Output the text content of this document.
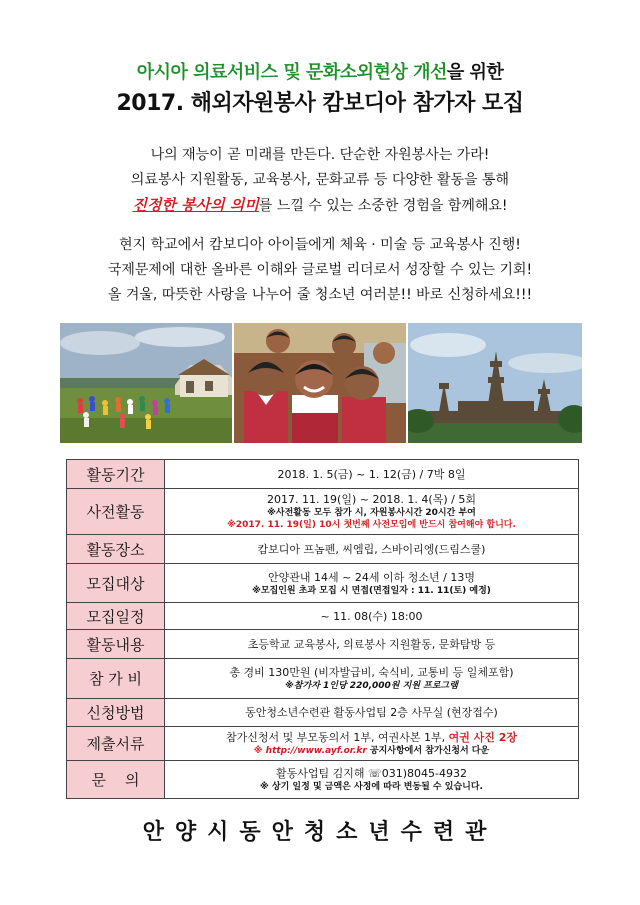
아시아 의료서비스 및 문화소외현상 개선을 위한
2017. 해외자원봉사 캄보디아 참가자 모집
나의 재능이 곧 미래를 만든다. 단순한 자원봉사는 가라!
의료봉사 지원활동, 교육봉사, 문화교류 등 다양한 활동을 통해
진정한 봉사의 의미를 느낄 수 있는 소중한 경험을 함께해요!
현지 학교에서 캄보디아 아이들에게 체육 · 미술 등 교육봉사 진행!
국제문제에 대한 올바른 이해와 글로벌 리더로서 성장할 수 있는 기회!
올 겨울, 따뜻한 사랑을 나누어 줄 청소년 여러분!! 바로 신청하세요!!!
활동기간	2018. 1. 5(금) ~ 1. 12(금) / 7박 8일
사전활동	2017. 11. 19(일) ~ 2018. 1. 4(목) / 5회
※사전활동 모두 참가 시, 자원봉사시간 20시간 부여
※2017. 11. 19(일) 10시 첫번째 사전모임에 반드시 참여해야 합니다.

활동장소	캄보디아 프놈펜, 씨엠립, 스바이리엥(드림스쿨)
모집대상	안양관내 14세 ~ 24세 이하 청소년 / 13명
※모집인원 초과 모집 시 면접(면접일자 : 11. 11(토) 예정)

모집일정	~ 11. 08(수) 18:00
활동내용	초등학교 교육봉사, 의료봉사 지원활동, 문화탐방 등
참 가 비	총 경비 130만원 (비자발급비, 숙식비, 교통비 등 일체포함)
※참가자 1인당 220,000원 지원 프로그램

신청방법	동안청소년수련관 활동사업팀 2층 사무실 (현장접수)
제출서류	참가신청서 및 부모동의서 1부, 여권사본 1부, 여권 사진 2장
※ http://www.ayf.or.kr 공지사항에서 참가신청서 다운

문    의	활동사업팀 김지해 ☏031)8045-4932
※ 상기 일정 및 금액은 사정에 따라 변동될 수 있습니다.
안양시동안청소년수련관
